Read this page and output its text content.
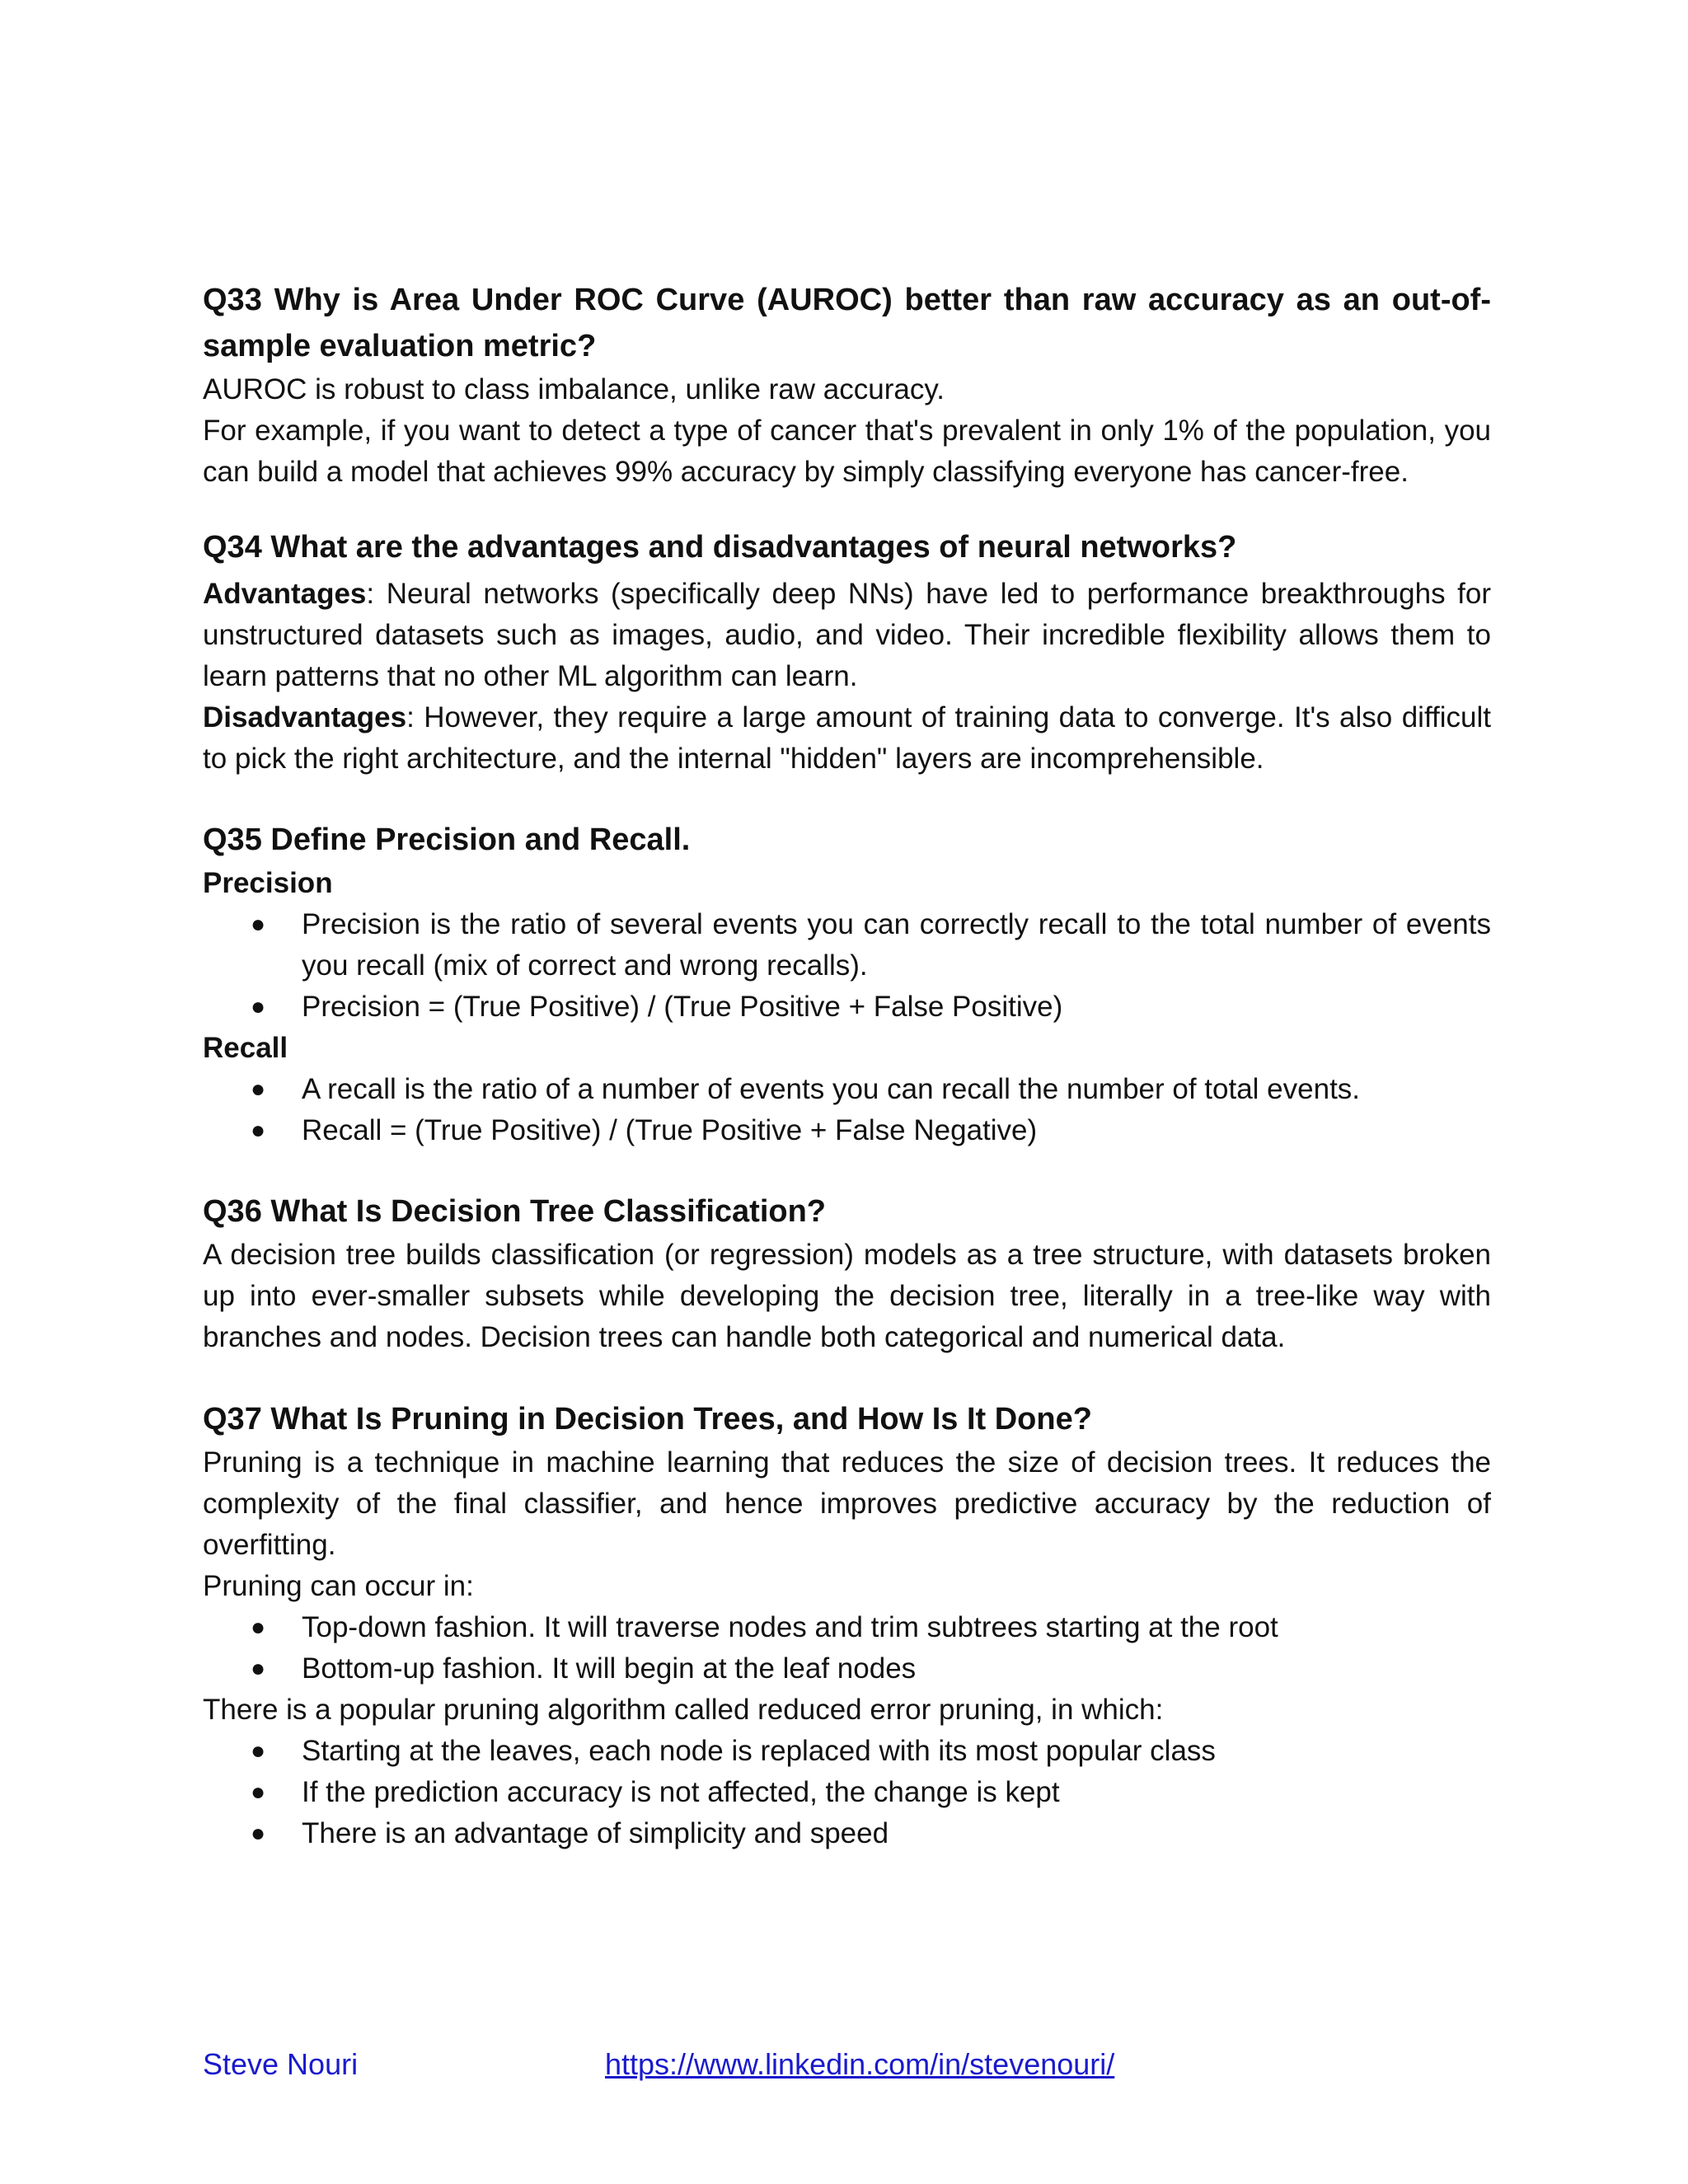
Q33 Why is Area Under ROC Curve (AUROC) better than raw accuracy as an out-of-sample evaluation metric?

AUROC is robust to class imbalance, unlike raw accuracy.

For example, if you want to detect a type of cancer that's prevalent in only 1% of the population, you can build a model that achieves 99% accuracy by simply classifying everyone has cancer-free.

Q34 What are the advantages and disadvantages of neural networks?

Advantages: Neural networks (specifically deep NNs) have led to performance breakthroughs for unstructured datasets such as images, audio, and video. Their incredible flexibility allows them to learn patterns that no other ML algorithm can learn.

Disadvantages: However, they require a large amount of training data to converge. It's also difficult to pick the right architecture, and the internal "hidden" layers are incomprehensible.

Q35 Define Precision and Recall.

Precision

● Precision is the ratio of several events you can correctly recall to the total number of events you recall (mix of correct and wrong recalls).
● Precision = (True Positive) / (True Positive + False Positive)

Recall

● A recall is the ratio of a number of events you can recall the number of total events.
● Recall = (True Positive) / (True Positive + False Negative)
Q36 What Is Decision Tree Classification?

A decision tree builds classification (or regression) models as a tree structure, with datasets broken up into ever-smaller subsets while developing the decision tree, literally in a tree-like way with branches and nodes. Decision trees can handle both categorical and numerical data.

Q37 What Is Pruning in Decision Trees, and How Is It Done?

Pruning is a technique in machine learning that reduces the size of decision trees. It reduces the complexity of the final classifier, and hence improves predictive accuracy by the reduction of overfitting.

Pruning can occur in:

● Top-down fashion. It will traverse nodes and trim subtrees starting at the root
● Bottom-up fashion. It will begin at the leaf nodes

There is a popular pruning algorithm called reduced error pruning, in which:

● Starting at the leaves, each node is replaced with its most popular class
● If the prediction accuracy is not affected, the change is kept
● There is an advantage of simplicity and speed
Steve Nouri	https://www.linkedin.com/in/stevenouri/
